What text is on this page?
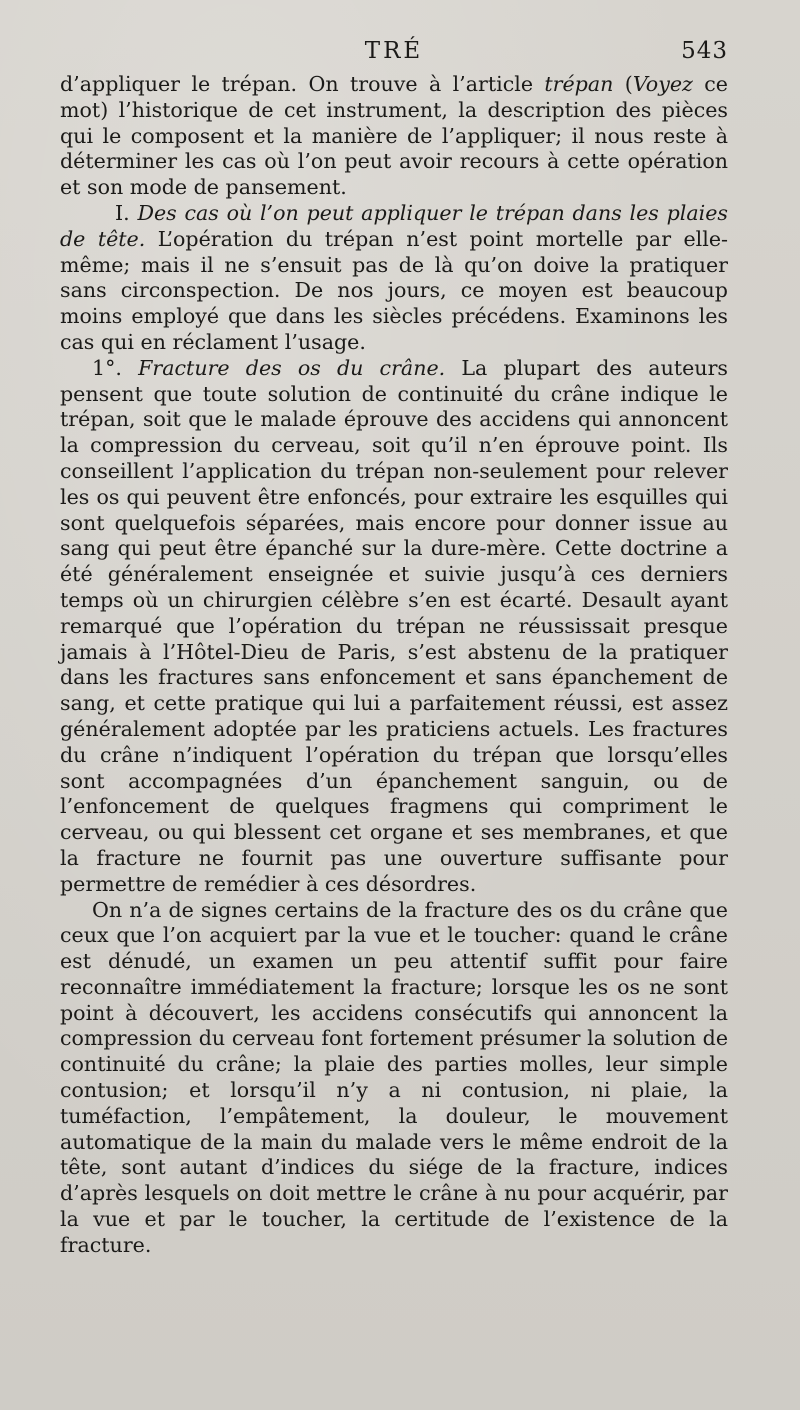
TRÉ	543

d’appliquer le trépan. On trouve à l’article trépan (Voyez ce mot) l’historique de cet instrument, la description des pièces qui le composent et la manière de l’appliquer; il nous reste à déterminer les cas où l’on peut avoir recours à cette opération et son mode de pansement.

I. Des cas où l’on peut appliquer le trépan dans les plaies de tête. L’opération du trépan n’est point mortelle par elle-même; mais il ne s’ensuit pas de là qu’on doive la pratiquer sans circonspection. De nos jours, ce moyen est beaucoup moins employé que dans les siècles précédens. Examinons les cas qui en réclament l’usage.

1°. Fracture des os du crâne. La plupart des auteurs pensent que toute solution de continuité du crâne indique le trépan, soit que le malade éprouve des accidens qui annoncent la compression du cerveau, soit qu’il n’en éprouve point. Ils conseillent l’application du trépan non-seulement pour relever les os qui peuvent être enfoncés, pour extraire les esquilles qui sont quelquefois séparées, mais encore pour donner issue au sang qui peut être épanché sur la dure-mère. Cette doctrine a été généralement enseignée et suivie jusqu’à ces derniers temps où un chirurgien célèbre s’en est écarté. Desault ayant remarqué que l’opération du trépan ne réussissait presque jamais à l’Hôtel-Dieu de Paris, s’est abstenu de la pratiquer dans les fractures sans enfoncement et sans épanchement de sang, et cette pratique qui lui a parfaitement réussi, est assez généralement adoptée par les praticiens actuels. Les fractures du crâne n’indiquent l’opération du trépan que lorsqu’elles sont accompagnées d’un épanchement sanguin, ou de l’enfoncement de quelques fragmens qui compriment le cerveau, ou qui blessent cet organe et ses membranes, et que la fracture ne fournit pas une ouverture suffisante pour permettre de remédier à ces désordres.

On n’a de signes certains de la fracture des os du crâne que ceux que l’on acquiert par la vue et le toucher: quand le crâne est dénudé, un examen un peu attentif suffit pour faire reconnaître immédiatement la fracture; lorsque les os ne sont point à découvert, les accidens consécutifs qui annoncent la compression du cerveau font fortement présumer la solution de continuité du crâne; la plaie des parties molles, leur simple contusion; et lorsqu’il n’y a ni contusion, ni plaie, la tuméfaction, l’empâtement, la douleur, le mouvement automatique de la main du malade vers le même endroit de la tête, sont autant d’indices du siége de la fracture, indices d’après lesquels on doit mettre le crâne à nu pour acquérir, par la vue et par le toucher, la certitude de l’existence de la fracture.
